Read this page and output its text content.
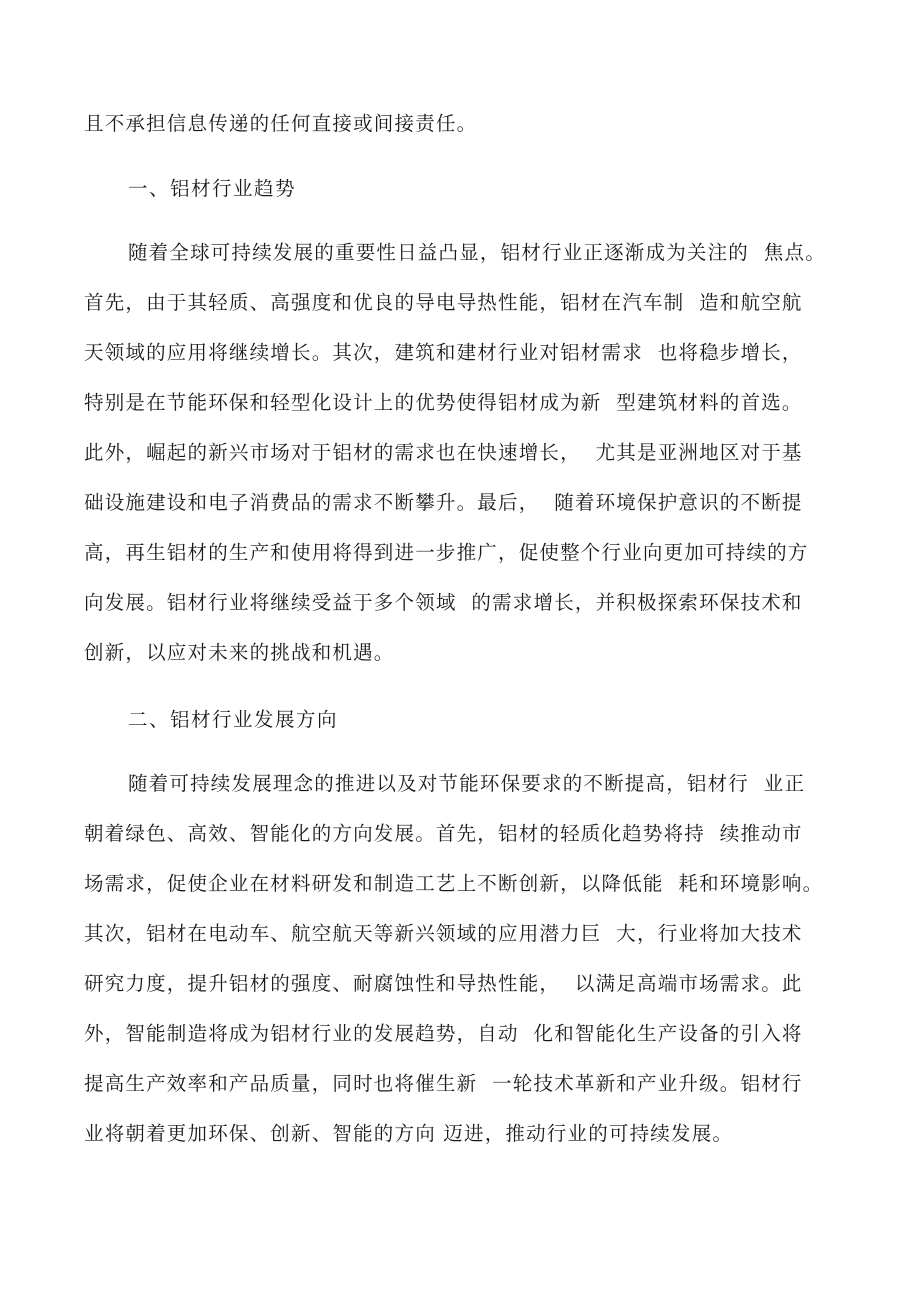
且不承担信息传递的任何直接或间接责任。
一、铝材行业趋势
随着全球可持续发展的重要性日益凸显，铝材行业正逐渐成为关注的  焦点。
首先，由于其轻质、高强度和优良的导电导热性能，铝材在汽车制  造和航空航
天领域的应用将继续增长。其次，建筑和建材行业对铝材需求  也将稳步增长，
特别是在节能环保和轻型化设计上的优势使得铝材成为新  型建筑材料的首选。
此外，崛起的新兴市场对于铝材的需求也在快速增长，  尤其是亚洲地区对于基
础设施建设和电子消费品的需求不断攀升。最后，  随着环境保护意识的不断提
高，再生铝材的生产和使用将得到进一步推广，促使整个行业向更加可持续的方
向发展。铝材行业将继续受益于多个领域  的需求增长，并积极探索环保技术和
创新，以应对未来的挑战和机遇。
二、铝材行业发展方向
随着可持续发展理念的推进以及对节能环保要求的不断提高，铝材行  业正
朝着绿色、高效、智能化的方向发展。首先，铝材的轻质化趋势将持  续推动市
场需求，促使企业在材料研发和制造工艺上不断创新，以降低能  耗和环境影响。
其次，铝材在电动车、航空航天等新兴领域的应用潜力巨  大，行业将加大技术
研究力度，提升铝材的强度、耐腐蚀性和导热性能，  以满足高端市场需求。此
外，智能制造将成为铝材行业的发展趋势，自动  化和智能化生产设备的引入将
提高生产效率和产品质量，同时也将催生新  一轮技术革新和产业升级。铝材行
业将朝着更加环保、创新、智能的方向 迈进，推动行业的可持续发展。
